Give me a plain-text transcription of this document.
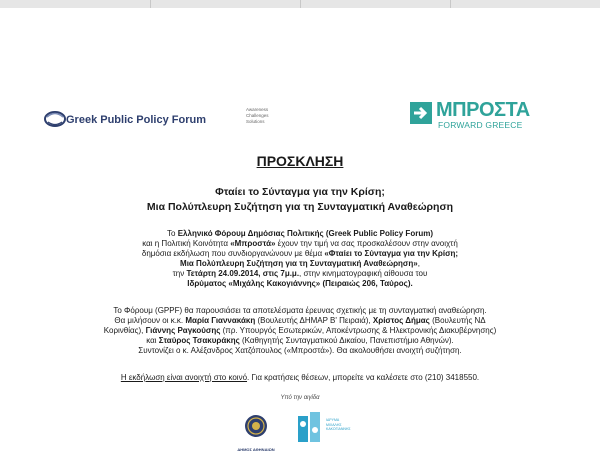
Greek Public Policy Forum
Awareness
Challenges
Solutions
ΜΠΡΟΣΤΑ
FORWARD GREECE
ΠΡΟΣΚΛΗΣΗ
Φταίει το Σύνταγμα για την Κρίση;
Μια Πολύπλευρη Συζήτηση για τη Συνταγματική Αναθεώρηση
Το Ελληνικό Φόρουμ Δημόσιας Πολιτικής (Greek Public Policy Forum)
και η Πολιτική Κοινότητα «Μπροστά» έχουν την τιμή να σας προσκαλέσουν στην ανοιχτή
δημόσια εκδήλωση που συνδιοργανώνουν με θέμα «Φταίει το Σύνταγμα για την Κρίση;
Μια Πολύπλευρη Συζήτηση για τη Συνταγματική Αναθεώρηση»,
την Τετάρτη 24.09.2014, στις 7μ.μ., στην κινηματογραφική αίθουσα του
Ιδρύματος «Μιχάλης Κακογιάννης» (Πειραιώς 206, Ταύρος).
Το Φόρουμ (GPPF) θα παρουσιάσει τα αποτελέσματα έρευνας σχετικής με τη συνταγματική αναθεώρηση.
Θα μιλήσουν οι κ.κ. Μαρία Γιαννακάκη (Βουλευτής ΔΗΜΑΡ Β' Πειραιά), Χρίστος Δήμας (Βουλευτής ΝΔ
Κορινθίας), Γιάννης Ραγκούσης (πρ. Υπουργός Εσωτερικών, Αποκέντρωσης & Ηλεκτρονικής Διακυβέρνησης)
και Σταύρος Τσακυράκης (Καθηγητής Συνταγματικού Δικαίου, Πανεπιστήμιο Αθηνών).
Συντονίζει ο κ. Αλέξανδρος Χατζόπουλος («Μπροστά»). Θα ακολουθήσει ανοιχτή συζήτηση.
Η εκδήλωση είναι ανοιχτή στο κοινό. Για κρατήσεις θέσεων, μπορείτε να καλέσετε στο (210) 3418550.
Υπό την αιγίδα
ΔΗΜΟΣ ΑΘΗΝΑΙΩΝ
ΙΔΡΥΜΑ
ΜΙΧΑΛΗΣ
ΚΑΚΟΓΙΑΝΝΗΣ
